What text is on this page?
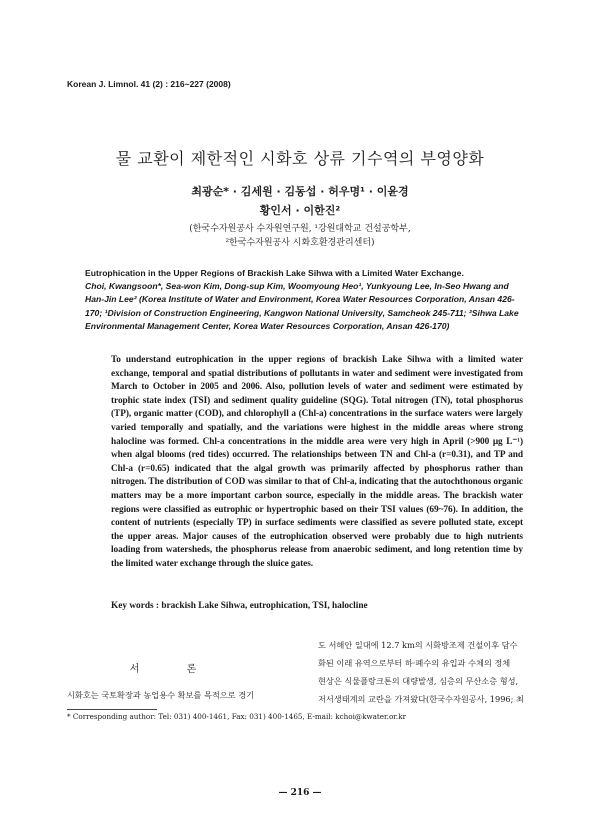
Korean J. Limnol. 41 (2) : 216~227 (2008)
물 교환이 제한적인 시화호 상류 기수역의 부영양화
최광순* · 김세원 · 김동섭 · 허우명¹ · 이윤경
황인서 · 이한진²
(한국수자원공사 수자원연구원, ¹강원대학교 건설공학부,
²한국수자원공사 시화호환경관리센터)
Eutrophication in the Upper Regions of Brackish Lake Sihwa with a Limited Water Exchange.
Choi, Kwangsoon*, Sea-won Kim, Dong-sup Kim, Woomyoung Heo¹, Yunkyoung Lee, In-Seo Hwang and Han-Jin Lee² (Korea Institute of Water and Environment, Korea Water Resources Corporation, Ansan 426-170; ¹Division of Construction Engineering, Kangwon National University, Samcheok 245-711; ²Sihwa Lake Environmental Management Center, Korea Water Resources Corporation, Ansan 426-170)
To understand eutrophication in the upper regions of brackish Lake Sihwa with a limited water exchange, temporal and spatial distributions of pollutants in water and sediment were investigated from March to October in 2005 and 2006. Also, pollution levels of water and sediment were estimated by trophic state index (TSI) and sediment quality guideline (SQG). Total nitrogen (TN), total phosphorus (TP), organic matter (COD), and chlorophyll a (Chl-a) concentrations in the surface waters were largely varied temporally and spatially, and the variations were highest in the middle areas where strong halocline was formed. Chl-a concentrations in the middle area were very high in April (>900 μg L⁻¹) when algal blooms (red tides) occurred. The relationships between TN and Chl-a (r=0.31), and TP and Chl-a (r=0.65) indicated that the algal growth was primarily affected by phosphorus rather than nitrogen. The distribution of COD was similar to that of Chl-a, indicating that the autochthonous organic matters may be a more important carbon source, especially in the middle areas. The brackish water regions were classified as eutrophic or hypertrophic based on their TSI values (69~76). In addition, the content of nutrients (especially TP) in surface sediments were classified as severe polluted state, except the upper areas. Major causes of the eutrophication observed were probably due to high nutrients loading from watersheds, the phosphorus release from anaerobic sediment, and long retention time by the limited water exchange through the sluice gates.
Key words : brackish Lake Sihwa, eutrophication, TSI, halocline
서 론
시화호는 국토확장과 농업용수 확보를 목적으로 경기
도 서해안 일대에 12.7 km의 시화방조제 건설이후 담수
화된 이래 유역으로부터 하·폐수의 유입과 수체의 정체
현상은 식물플랑크톤의 대량발생, 심층의 무산소층 형성,
저서생태계의 교란을 가져왔다(한국수자원공사, 1996; 최
* Corresponding author: Tel: 031) 400-1461, Fax: 031) 400-1465, E-mail: kchoi@kwater.or.kr
— 216 —
